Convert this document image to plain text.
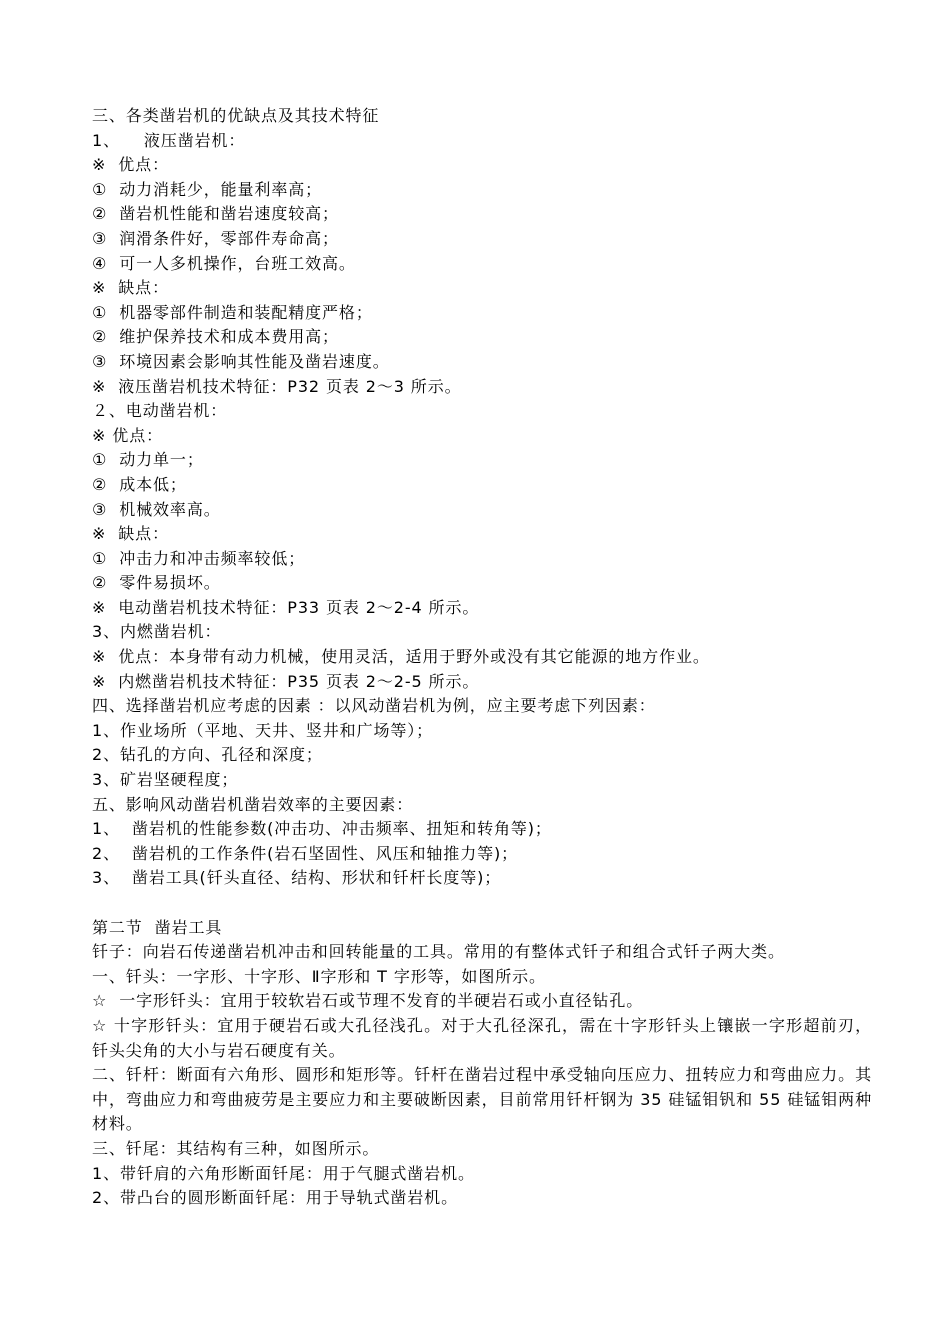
三、各类凿岩机的优缺点及其技术特征
1、    液压凿岩机：
※  优点：
①  动力消耗少，能量利率高；
②  凿岩机性能和凿岩速度较高；
③  润滑条件好，零部件寿命高；
④  可一人多机操作，台班工效高。
※  缺点：
①  机器零部件制造和装配精度严格；
②  维护保养技术和成本费用高；
③  环境因素会影响其性能及凿岩速度。
※  液压凿岩机技术特征：P32 页表 2～3 所示。
２、电动凿岩机：
※ 优点：
①  动力单一；
②  成本低；
③  机械效率高。
※  缺点：
①  冲击力和冲击频率较低；
②  零件易损坏。
※  电动凿岩机技术特征：P33 页表 2～2-4 所示。
3、内燃凿岩机：
※  优点：本身带有动力机械，使用灵活，适用于野外或没有其它能源的地方作业。
※  内燃凿岩机技术特征：P35 页表 2～2-5 所示。
四、选择凿岩机应考虑的因素 ：以风动凿岩机为例，应主要考虑下列因素：
1、作业场所（平地、天井、竖井和广场等）；
2、钻孔的方向、孔径和深度；
3、矿岩坚硬程度；
五、影响风动凿岩机凿岩效率的主要因素：
1、  凿岩机的性能参数(冲击功、冲击频率、扭矩和转角等)；
2、  凿岩机的工作条件(岩石坚固性、风压和轴推力等)；
3、  凿岩工具(钎头直径、结构、形状和钎杆长度等)；
第二节  凿岩工具
钎子：向岩石传递凿岩机冲击和回转能量的工具。常用的有整体式钎子和组合式钎子两大类。
一、钎头：一字形、十字形、Ⅱ字形和 T 字形等，如图所示。
☆  一字形钎头：宜用于较软岩石或节理不发育的半硬岩石或小直径钻孔。
☆ 十字形钎头：宜用于硬岩石或大孔径浅孔。对于大孔径深孔，需在十字形钎头上镶嵌一字形超前刃，钎头尖角的大小与岩石硬度有关。
二、钎杆：断面有六角形、圆形和矩形等。钎杆在凿岩过程中承受轴向压应力、扭转应力和弯曲应力。其中，弯曲应力和弯曲疲劳是主要应力和主要破断因素，目前常用钎杆钢为 35 硅锰钼钒和 55 硅锰钼两种材料。
三、钎尾：其结构有三种，如图所示。
1、带钎肩的六角形断面钎尾：用于气腿式凿岩机。
2、带凸台的圆形断面钎尾：用于导轨式凿岩机。
